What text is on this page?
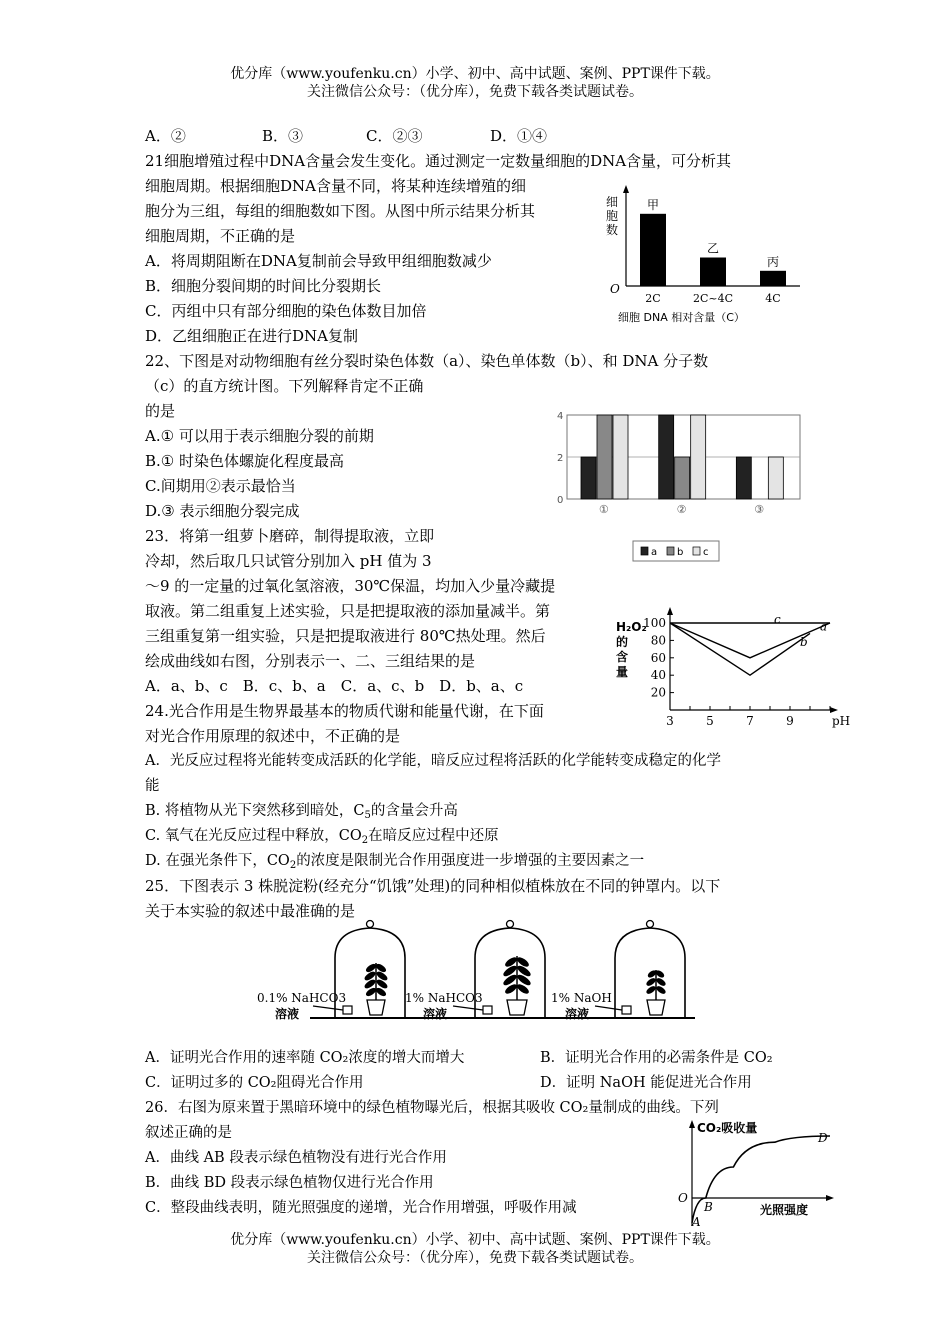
优分库（www.youfenku.cn）小学、初中、高中试题、案例、PPT课件下载。
关注微信公众号：（优分库），免费下载各类试题试卷。
A．②	B．③	C．②③	D．①④
21细胞增殖过程中DNA含量会发生变化。通过测定一定数量细胞的DNA含量，可分析其
细胞周期。根据细胞DNA含量不同，将某种连续增殖的细
胞分为三组，每组的细胞数如下图。从图中所示结果分析其
细胞周期，不正确的是
A．将周期阻断在DNA复制前会导致甲组细胞数减少
B．细胞分裂间期的时间比分裂期长
C．丙组中只有部分细胞的染色体数目加倍
D．乙组细胞正在进行DNA复制
细
胞
数
O
甲
2C
乙
2C~4C
丙
4C
细胞 DNA 相对含量（C）
22、下图是对动物细胞有丝分裂时染色体数（a）、染色单体数（b）、和 DNA 分子数
（c）的直方统计图。下列解释肯定不正确
的是
A.① 可以用于表示细胞分裂的前期
B.① 时染色体螺旋化程度最高
C.间期用②表示最恰当
D.③ 表示细胞分裂完成
0
2
4
①	②	③
a b c
23．将第一组萝卜磨碎，制得提取液，立即
冷却，然后取几只试管分别加入 pH 值为 3
～9 的一定量的过氧化氢溶液，30℃保温，均加入少量冷藏提
取液。第二组重复上述实验，只是把提取液的添加量减半。第
三组重复第一组实验，只是把提取液进行 80℃热处理。然后
绘成曲线如右图，分别表示一、二、三组结果的是
A．a、b、c　B．c、b、a　C．a、c、b　D．b、a、c
H₂O₂
的
含
量
100
80
60
40
20
3	5	7	9	pH
c	a
b
24.光合作用是生物界最基本的物质代谢和能量代谢，在下面
对光合作用原理的叙述中，不正确的是
A．光反应过程将光能转变成活跃的化学能，暗反应过程将活跃的化学能转变成稳定的化学
能
B. 将植物从光下突然移到暗处，$C_5$的含量会升高
C. 氧气在光反应过程中释放，$CO_2$在暗反应过程中还原
D. 在强光条件下，$CO_2$的浓度是限制光合作用强度进一步增强的主要因素之一
25．下图表示 3 株脱淀粉(经充分“饥饿”处理)的同种相似植株放在不同的钟罩内。以下
关于本实验的叙述中最准确的是
0.1% NaHCO3
溶液
1% NaHCO3
溶液
1% NaOH
溶液
A．证明光合作用的速率随 CO₂浓度的增大而增大	B．证明光合作用的必需条件是 CO₂
C．证明过多的 CO₂阻碍光合作用	D．证明 NaOH 能促进光合作用
26．右图为原来置于黑暗环境中的绿色植物曝光后，根据其吸收 CO₂量制成的曲线。下列
叙述正确的是
A．曲线 AB 段表示绿色植物没有进行光合作用
B．曲线 BD 段表示绿色植物仅进行光合作用
C．整段曲线表明，随光照强度的递增，光合作用增强，呼吸作用减
CO₂吸收量
光照强度
O
A
B
D
优分库（www.youfenku.cn）小学、初中、高中试题、案例、PPT课件下载。
关注微信公众号：（优分库），免费下载各类试题试卷。
